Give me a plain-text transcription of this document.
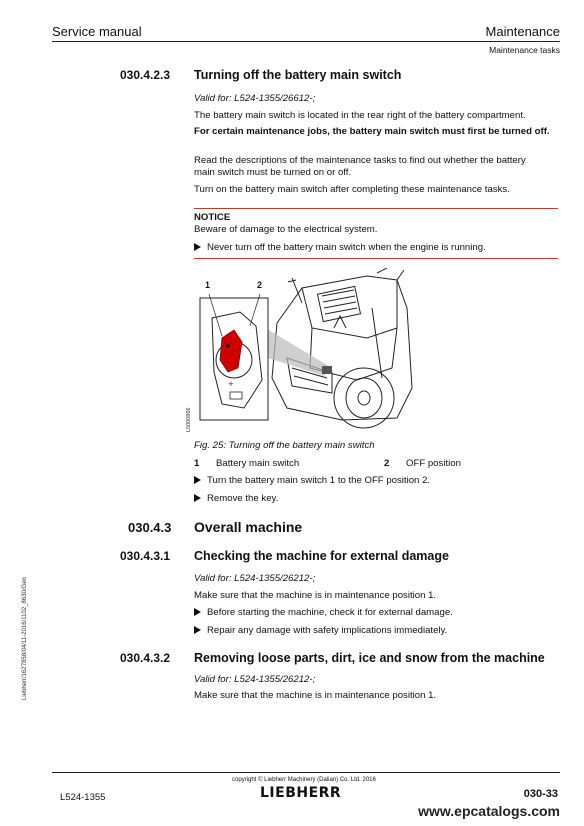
Service manual	Maintenance
Maintenance tasks
030.4.2.3 Turning off the battery main switch
Valid for: L524-1355/26612-;
The battery main switch is located in the rear right of the battery compartment.
For certain maintenance jobs, the battery main switch must first be turned off.
Read the descriptions of the maintenance tasks to find out whether the battery main switch must be turned on or off.
Turn on the battery main switch after completing these maintenance tasks.
NOTICE
Beware of damage to the electrical system.
Never turn off the battery main switch when the engine is running.
+
1	2
L5000866
Fig. 25: Turning off the battery main switch
1 Battery main switch	2 OFF position
Turn the battery main switch 1 to the OFF position 2.
Remove the key.
030.4.3 Overall machine
030.4.3.1 Checking the machine for external damage
Valid for: L524-1355/26212-;
Make sure that the machine is in maintenance position 1.
Before starting the machine, check it for external damage.
Repair any damage with safety implications immediately.
030.4.3.2 Removing loose parts, dirt, ice and snow from the machine
Valid for: L524-1355/26212-;
Make sure that the machine is in maintenance position 1.
Liebherr/1627858/04/11-2016/1102_8630/Gen
copyright © Liebherr Machinery (Dalian) Co. Ltd. 2016
L524-1355	LIEBHERR	030-33
www.epcatalogs.com
